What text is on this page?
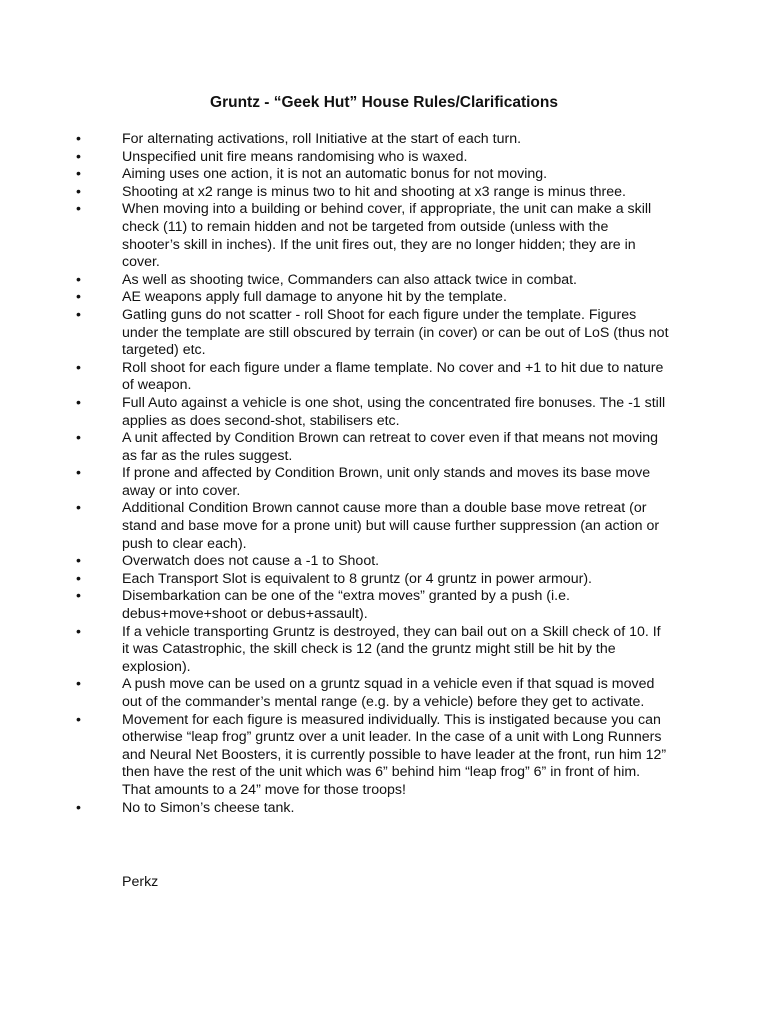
Gruntz - “Geek Hut” House Rules/Clarifications
•	For alternating activations, roll Initiative at the start of each turn.
•	Unspecified unit fire means randomising who is waxed.
•	Aiming uses one action, it is not an automatic bonus for not moving.
•	Shooting at x2 range is minus two to hit and shooting at x3 range is minus three.
•	When moving into a building or behind cover, if appropriate, the unit can make a skill check (11) to remain hidden and not be targeted from outside (unless with the shooter’s skill in inches). If the unit fires out, they are no longer hidden; they are in cover.
•	As well as shooting twice, Commanders can also attack twice in combat.
•	AE weapons apply full damage to anyone hit by the template.
•	Gatling guns do not scatter - roll Shoot for each figure under the template. Figures under the template are still obscured by terrain (in cover) or can be out of LoS (thus not targeted) etc.
•	Roll shoot for each figure under a flame template. No cover and +1 to hit due to nature of weapon.
•	Full Auto against a vehicle is one shot, using the concentrated fire bonuses. The -1 still applies as does second-shot, stabilisers etc.
•	A unit affected by Condition Brown can retreat to cover even if that means not moving as far as the rules suggest.
•	If prone and affected by Condition Brown, unit only stands and moves its base move away or into cover.
•	Additional Condition Brown cannot cause more than a double base move retreat (or stand and base move for a prone unit) but will cause further suppression (an action or push to clear each).
•	Overwatch does not cause a -1 to Shoot.
•	Each Transport Slot is equivalent to 8 gruntz (or 4 gruntz in power armour).
•	Disembarkation can be one of the “extra moves” granted by a push (i.e. debus+move+shoot or debus+assault).
•	If a vehicle transporting Gruntz is destroyed, they can bail out on a Skill check of 10. If it was Catastrophic, the skill check is 12 (and the gruntz might still be hit by the explosion).
•	A push move can be used on a gruntz squad in a vehicle even if that squad is moved out of the commander’s mental range (e.g. by a vehicle) before they get to activate.
•	Movement for each figure is measured individually. This is instigated because you can otherwise “leap frog” gruntz over a unit leader. In the case of a unit with Long Runners and Neural Net Boosters, it is currently possible to have leader at the front, run him 12” then have the rest of the unit which was 6” behind him “leap frog” 6” in front of him. That amounts to a 24” move for those troops!
•	No to Simon’s cheese tank.
Perkz
